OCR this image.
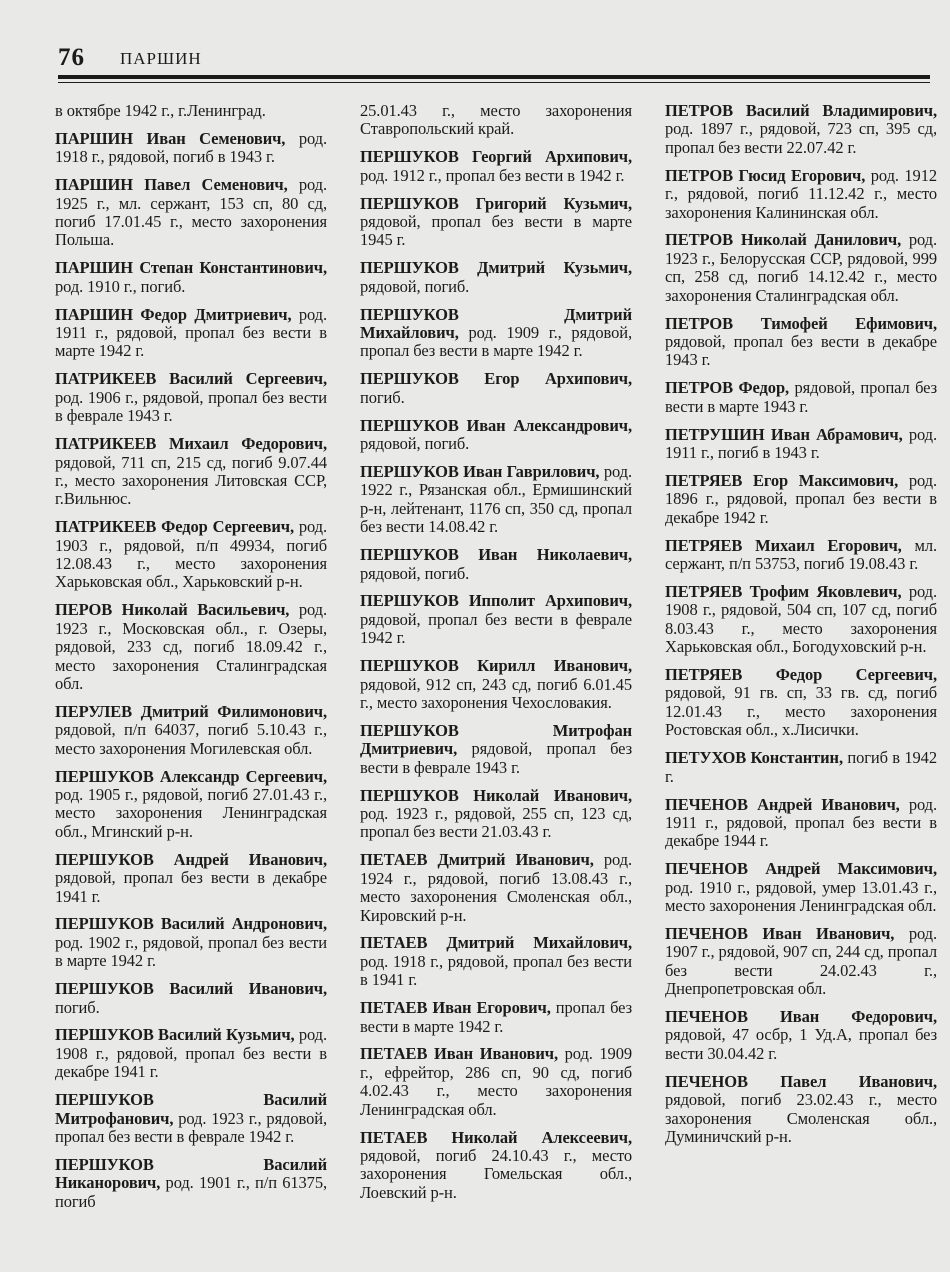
76 ПАРШИН

в октябре 1942 г., г.Ленинград.

ПАРШИН Иван Семенович, род. 1918 г., рядовой, погиб в 1943 г.

ПАРШИН Павел Семенович, род. 1925 г., мл. сержант, 153 сп, 80 сд, погиб 17.01.45 г., место захоронения Польша.

ПАРШИН Степан Константинович, род. 1910 г., погиб.

ПАРШИН Федор Дмитриевич, род. 1911 г., рядовой, пропал без вести в марте 1942 г.

ПАТРИКЕЕВ Василий Сергеевич, род. 1906 г., рядовой, пропал без вести в феврале 1943 г.

ПАТРИКЕЕВ Михаил Федорович, рядовой, 711 сп, 215 сд, погиб 9.07.44 г., место захоронения Литовская ССР, г.Вильнюс.

ПАТРИКЕЕВ Федор Сергеевич, род. 1903 г., рядовой, п/п 49934, погиб 12.08.43 г., место захоронения Харьковская обл., Харьковский р-н.

ПЕРОВ Николай Васильевич, род. 1923 г., Московская обл., г. Озеры, рядовой, 233 сд, погиб 18.09.42 г., место захоронения Сталинградская обл.

ПЕРУЛЕВ Дмитрий Филимонович, рядовой, п/п 64037, погиб 5.10.43 г., место захоронения Могилевская обл.

ПЕРШУКОВ Александр Сергеевич, род. 1905 г., рядовой, погиб 27.01.43 г., место захоронения Ленинградская обл., Мгинский р-н.

ПЕРШУКОВ Андрей Иванович, рядовой, пропал без вести в декабре 1941 г.

ПЕРШУКОВ Василий Андронович, род. 1902 г., рядовой, пропал без вести в марте 1942 г.

ПЕРШУКОВ Василий Иванович, погиб.

ПЕРШУКОВ Василий Кузьмич, род. 1908 г., рядовой, пропал без вести в декабре 1941 г.

ПЕРШУКОВ Василий Митрофанович, род. 1923 г., рядовой, пропал без вести в феврале 1942 г.

ПЕРШУКОВ Василий Никанорович, род. 1901 г., п/п 61375, погиб

25.01.43 г., место захоронения Ставропольский край.

ПЕРШУКОВ Георгий Архипович, род. 1912 г., пропал без вести в 1942 г.

ПЕРШУКОВ Григорий Кузьмич, рядовой, пропал без вести в марте 1945 г.

ПЕРШУКОВ Дмитрий Кузьмич, рядовой, погиб.

ПЕРШУКОВ Дмитрий Михайлович, род. 1909 г., рядовой, пропал без вести в марте 1942 г.

ПЕРШУКОВ Егор Архипович, погиб.

ПЕРШУКОВ Иван Александрович, рядовой, погиб.

ПЕРШУКОВ Иван Гаврилович, род. 1922 г., Рязанская обл., Ермишинский р-н, лейтенант, 1176 сп, 350 сд, пропал без вести 14.08.42 г.

ПЕРШУКОВ Иван Николаевич, рядовой, погиб.

ПЕРШУКОВ Ипполит Архипович, рядовой, пропал без вести в феврале 1942 г.

ПЕРШУКОВ Кирилл Иванович, рядовой, 912 сп, 243 сд, погиб 6.01.45 г., место захоронения Чехословакия.

ПЕРШУКОВ Митрофан Дмитриевич, рядовой, пропал без вести в феврале 1943 г.

ПЕРШУКОВ Николай Иванович, род. 1923 г., рядовой, 255 сп, 123 сд, пропал без вести 21.03.43 г.

ПЕТАЕВ Дмитрий Иванович, род. 1924 г., рядовой, погиб 13.08.43 г., место захоронения Смоленская обл., Кировский р-н.

ПЕТАЕВ Дмитрий Михайлович, род. 1918 г., рядовой, пропал без вести в 1941 г.

ПЕТАЕВ Иван Егорович, пропал без вести в марте 1942 г.

ПЕТАЕВ Иван Иванович, род. 1909 г., ефрейтор, 286 сп, 90 сд, погиб 4.02.43 г., место захоронения Ленинградская обл.

ПЕТАЕВ Николай Алексеевич, рядовой, погиб 24.10.43 г., место захоронения Гомельская обл., Лоевский р-н.

ПЕТРОВ Василий Владимирович, род. 1897 г., рядовой, 723 сп, 395 сд, пропал без вести 22.07.42 г.

ПЕТРОВ Гюсид Егорович, род. 1912 г., рядовой, погиб 11.12.42 г., место захоронения Калининская обл.

ПЕТРОВ Николай Данилович, род. 1923 г., Белорусская ССР, рядовой, 999 сп, 258 сд, погиб 14.12.42 г., место захоронения Сталинградская обл.

ПЕТРОВ Тимофей Ефимович, рядовой, пропал без вести в декабре 1943 г.

ПЕТРОВ Федор, рядовой, пропал без вести в марте 1943 г.

ПЕТРУШИН Иван Абрамович, род. 1911 г., погиб в 1943 г.

ПЕТРЯЕВ Егор Максимович, род. 1896 г., рядовой, пропал без вести в декабре 1942 г.

ПЕТРЯЕВ Михаил Егорович, мл. сержант, п/п 53753, погиб 19.08.43 г.

ПЕТРЯЕВ Трофим Яковлевич, род. 1908 г., рядовой, 504 сп, 107 сд, погиб 8.03.43 г., место захоронения Харьковская обл., Богодуховский р-н.

ПЕТРЯЕВ Федор Сергеевич, рядовой, 91 гв. сп, 33 гв. сд, погиб 12.01.43 г., место захоронения Ростовская обл., х.Лисички.

ПЕТУХОВ Константин, погиб в 1942 г.

ПЕЧЕНОВ Андрей Иванович, род. 1911 г., рядовой, пропал без вести в декабре 1944 г.

ПЕЧЕНОВ Андрей Максимович, род. 1910 г., рядовой, умер 13.01.43 г., место захоронения Ленинградская обл.

ПЕЧЕНОВ Иван Иванович, род. 1907 г., рядовой, 907 сп, 244 сд, пропал без вести 24.02.43 г., Днепропетровская обл.

ПЕЧЕНОВ Иван Федорович, рядовой, 47 осбр, 1 Уд.А, пропал без вести 30.04.42 г.

ПЕЧЕНОВ Павел Иванович, рядовой, погиб 23.02.43 г., место захоронения Смоленская обл., Думиничский р-н.
